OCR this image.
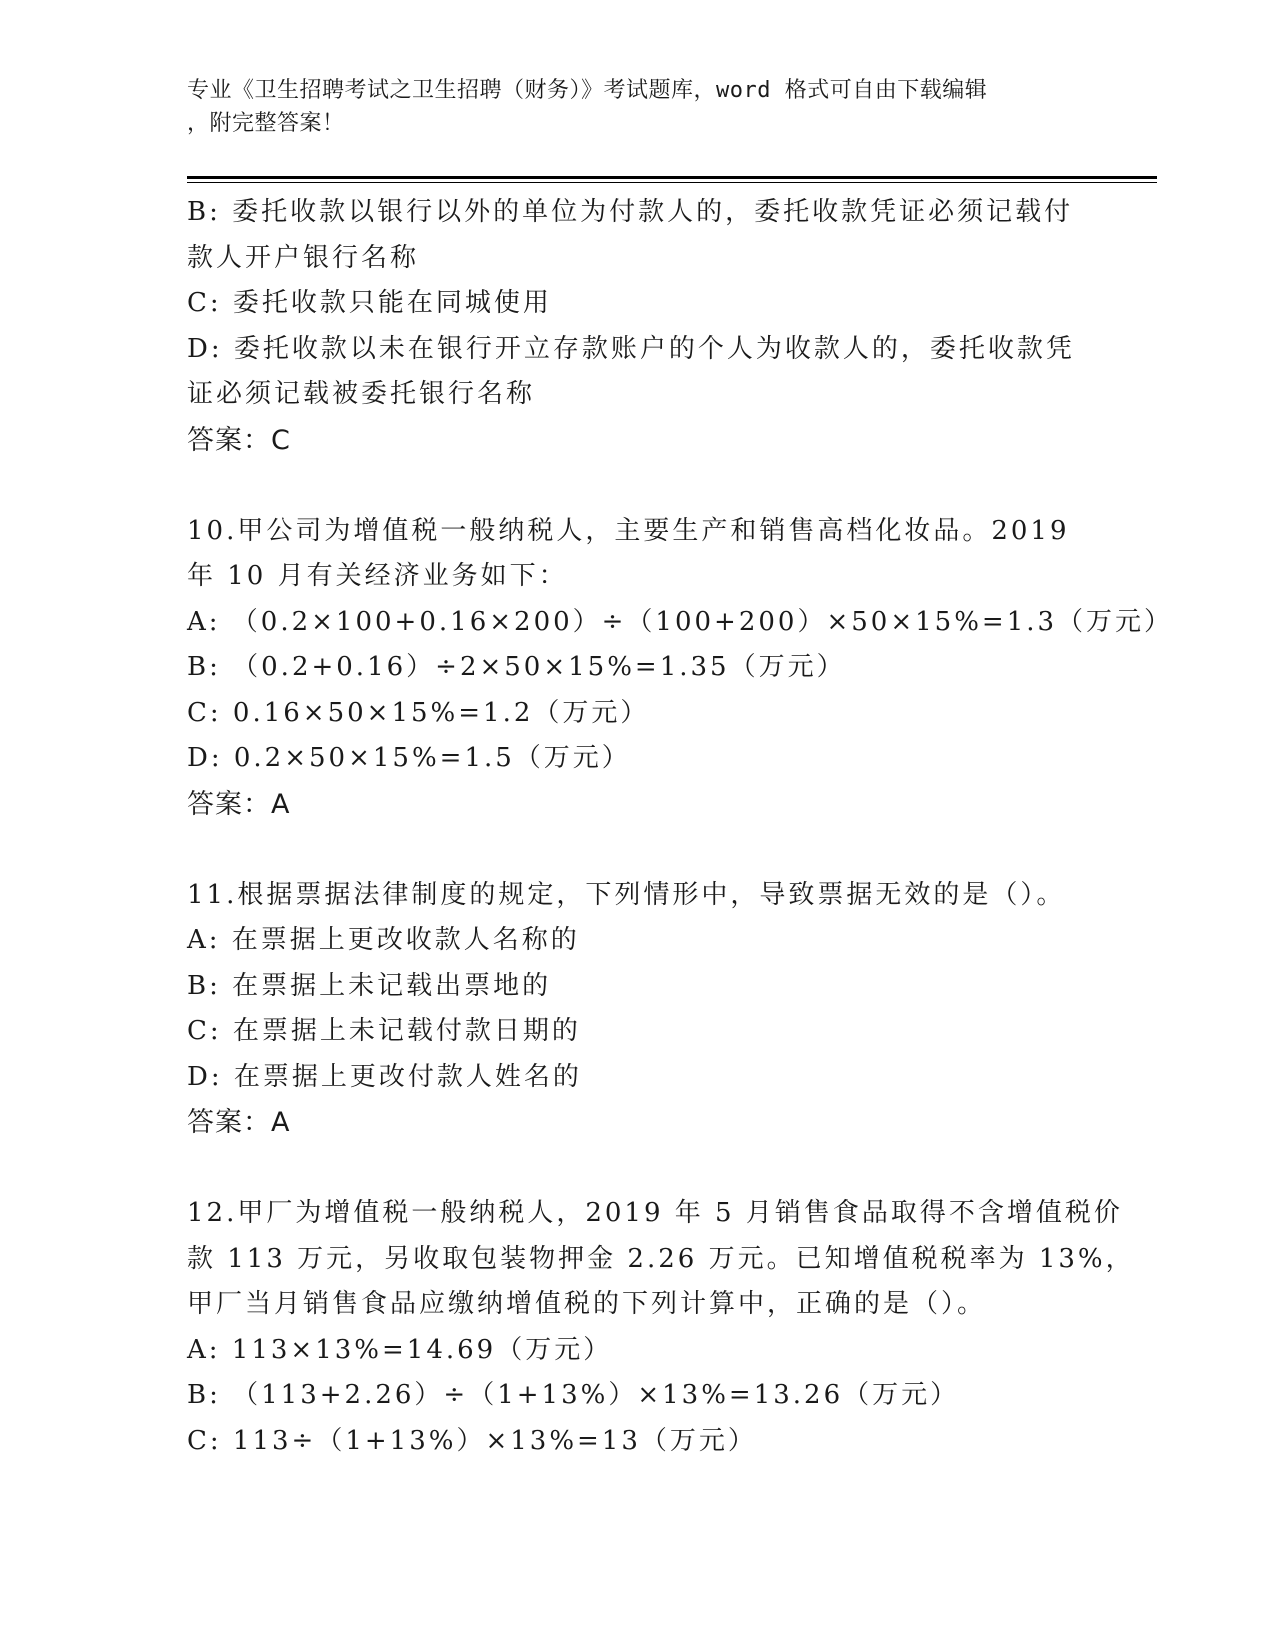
专业《卫生招聘考试之卫生招聘（财务）》考试题库，word 格式可自由下载编辑
，附完整答案！
B: 委托收款以银行以外的单位为付款人的，委托收款凭证必须记载付
款人开户银行名称
C: 委托收款只能在同城使用
D: 委托收款以未在银行开立存款账户的个人为收款人的，委托收款凭
证必须记载被委托银行名称
答案：C
10.甲公司为增值税一般纳税人，主要生产和销售高档化妆品。2019
年 10 月有关经济业务如下：
A: （0.2×100+0.16×200）÷（100+200）×50×15%=1.3（万元）
B: （0.2+0.16）÷2×50×15%=1.35（万元）
C: 0.16×50×15%=1.2（万元）
D: 0.2×50×15%=1.5（万元）
答案：A
11.根据票据法律制度的规定，下列情形中，导致票据无效的是（）。
A: 在票据上更改收款人名称的
B: 在票据上未记载出票地的
C: 在票据上未记载付款日期的
D: 在票据上更改付款人姓名的
答案：A
12.甲厂为增值税一般纳税人，2019 年 5 月销售食品取得不含增值税价
款 113 万元，另收取包装物押金 2.26 万元。已知增值税税率为 13%，
甲厂当月销售食品应缴纳增值税的下列计算中，正确的是（）。
A: 113×13%=14.69（万元）
B: （113+2.26）÷（1+13%）×13%=13.26（万元）
C: 113÷（1+13%）×13%=13（万元）
